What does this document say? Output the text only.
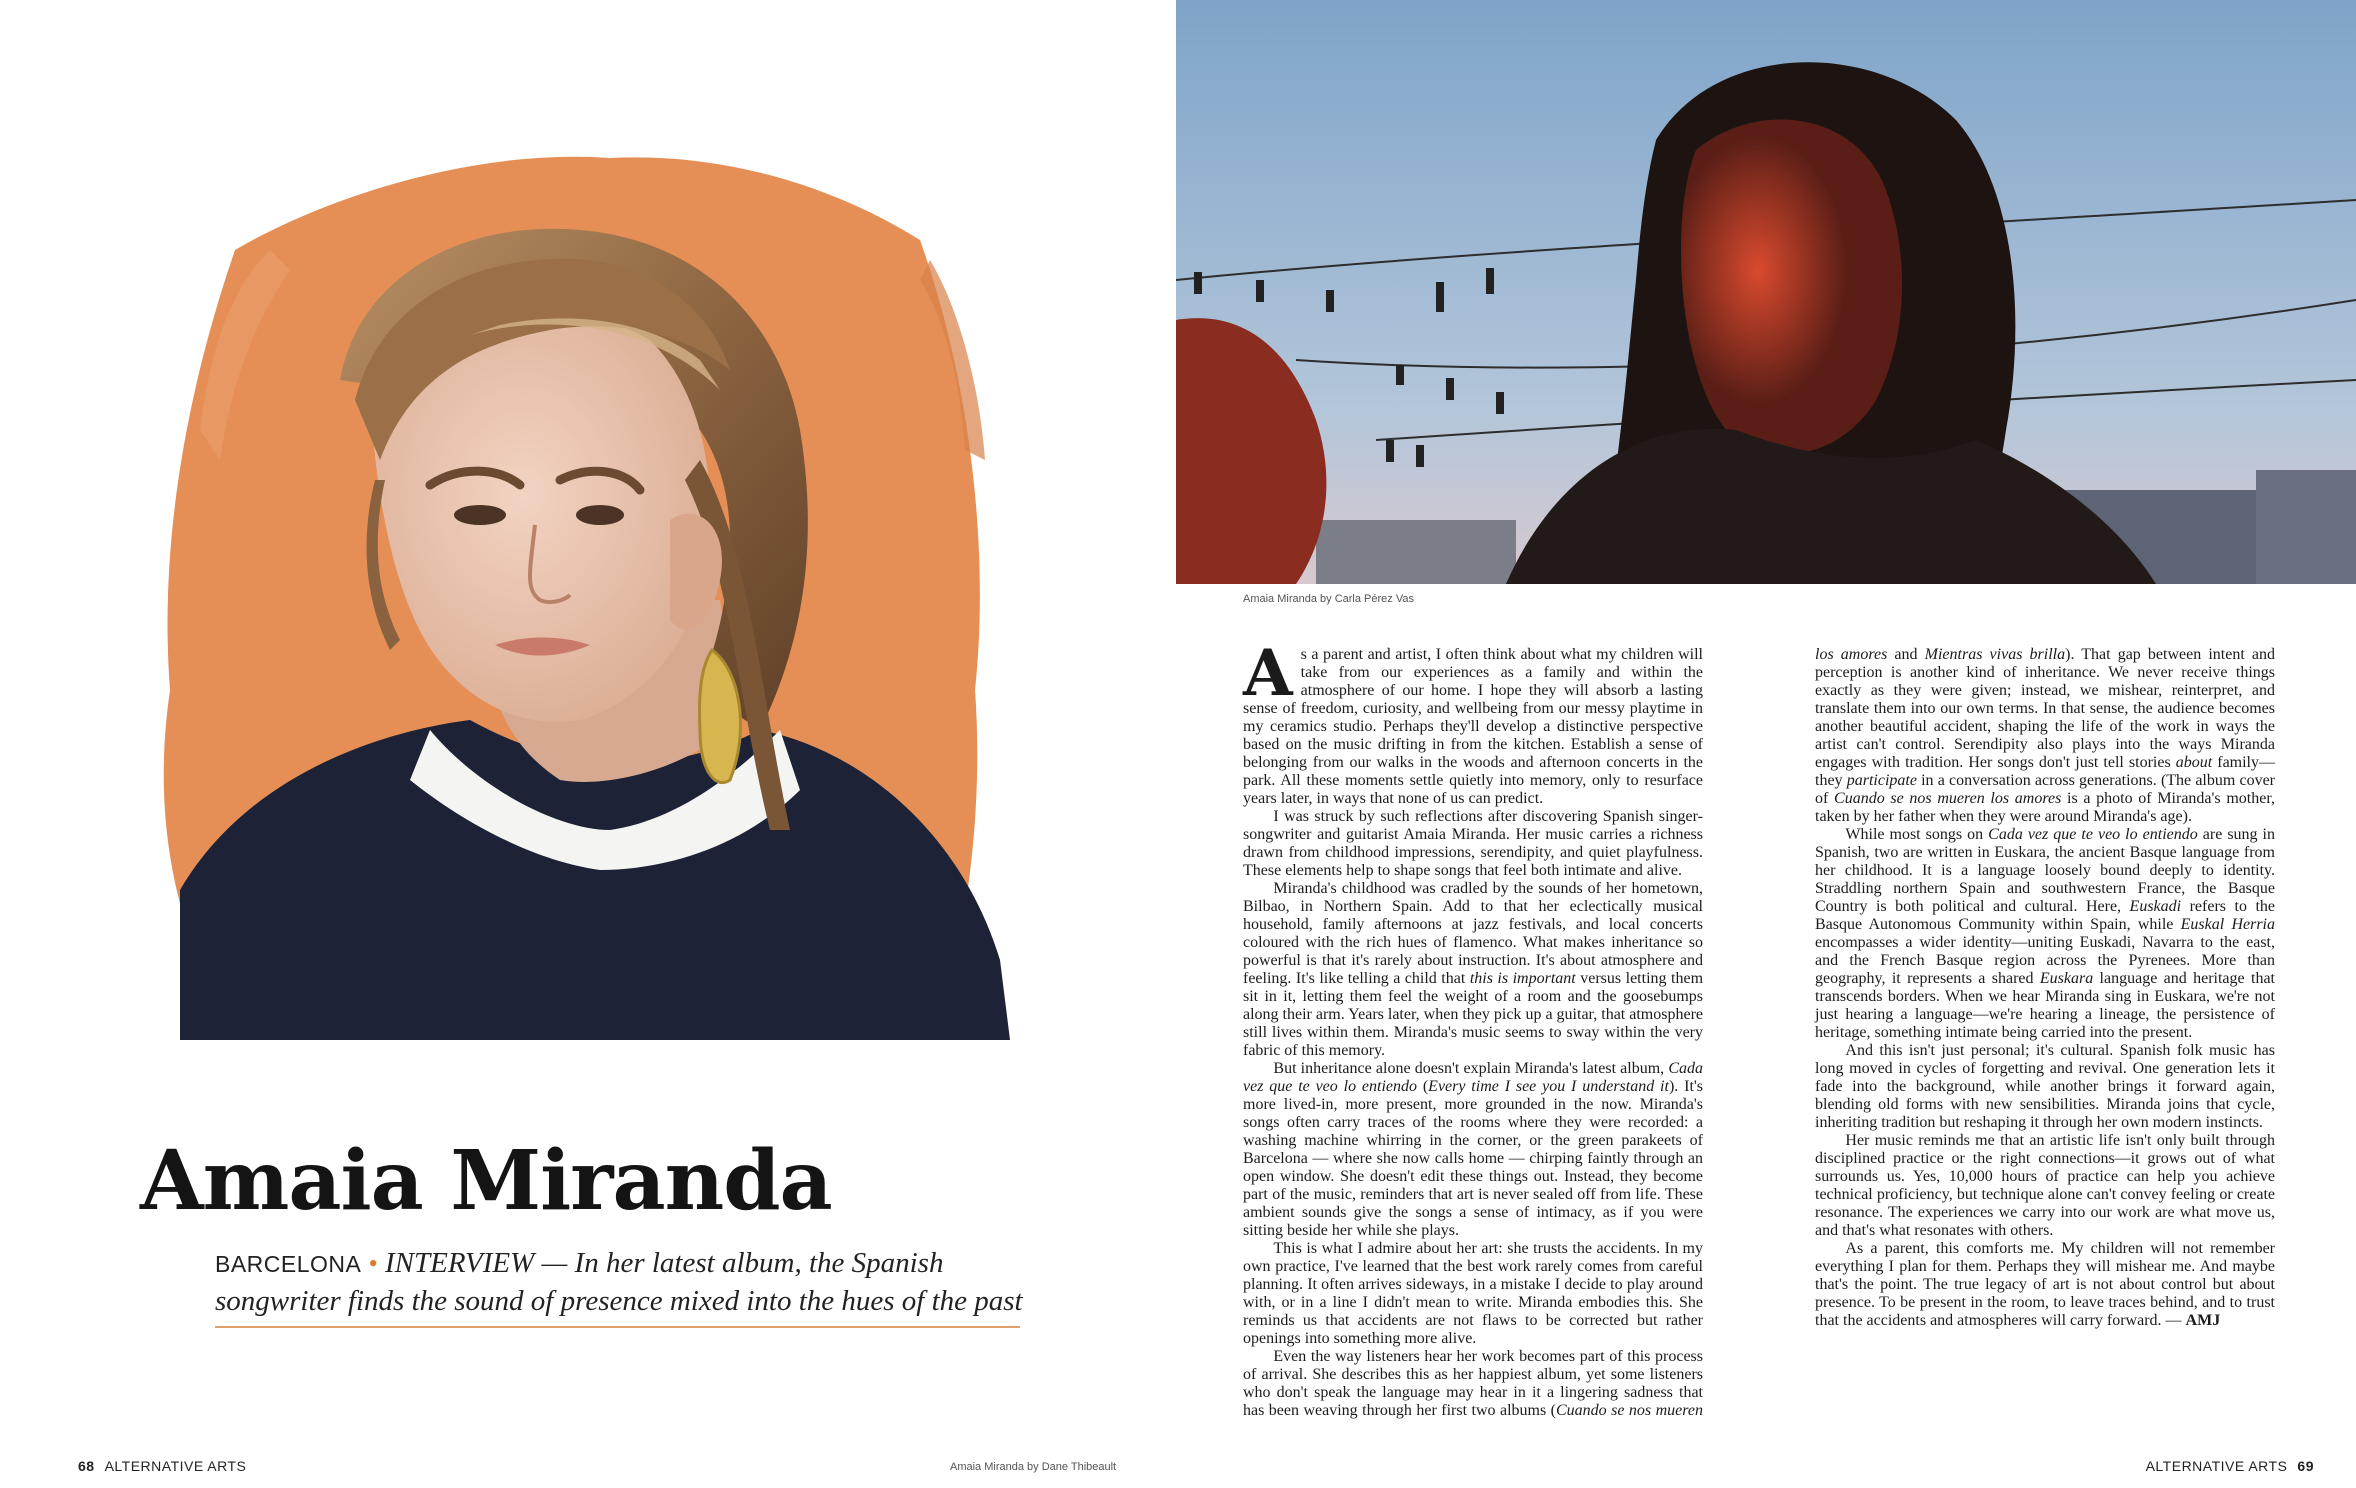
Amaia Miranda
BARCELONA • INTERVIEW — In her latest album, the Spanish songwriter finds the sound of presence mixed into the hues of the past
68 ALTERNATIVE ARTS	Amaia Miranda by Dane Thibeault
Amaia Miranda by Carla Pérez Vas

As a parent and artist, I often think about what my children will take from our experiences as a family and within the atmosphere of our home. I hope they will absorb a lasting sense of freedom, curiosity, and wellbeing from our messy playtime in my ceramics studio. Perhaps they'll develop a distinctive perspective based on the music drifting in from the kitchen. Establish a sense of belonging from our walks in the woods and afternoon concerts in the park. All these moments settle quietly into memory, only to resurface years later, in ways that none of us can predict.

I was struck by such reflections after discovering Spanish singer-songwriter and guitarist Amaia Miranda. Her music carries a richness drawn from childhood impressions, serendipity, and quiet playfulness. These elements help to shape songs that feel both intimate and alive.

Miranda's childhood was cradled by the sounds of her hometown, Bilbao, in Northern Spain. Add to that her eclectically musical household, family afternoons at jazz festivals, and local concerts coloured with the rich hues of flamenco. What makes inheritance so powerful is that it's rarely about instruction. It's about atmosphere and feeling. It's like telling a child that this is important versus letting them sit in it, letting them feel the weight of a room and the goosebumps along their arm. Years later, when they pick up a guitar, that atmosphere still lives within them. Miranda's music seems to sway within the very fabric of this memory.

But inheritance alone doesn't explain Miranda's latest album, Cada vez que te veo lo entiendo (Every time I see you I understand it). It's more lived-in, more present, more grounded in the now. Miranda's songs often carry traces of the rooms where they were recorded: a washing machine whirring in the corner, or the green parakeets of Barcelona — where she now calls home — chirping faintly through an open window. She doesn't edit these things out. Instead, they become part of the music, reminders that art is never sealed off from life. These ambient sounds give the songs a sense of intimacy, as if you were sitting beside her while she plays.

This is what I admire about her art: she trusts the accidents. In my own practice, I've learned that the best work rarely comes from careful planning. It often arrives sideways, in a mistake I decide to play around with, or in a line I didn't mean to write. Miranda embodies this. She reminds us that accidents are not flaws to be corrected but rather openings into something more alive.

Even the way listeners hear her work becomes part of this process of arrival. She describes this as her happiest album, yet some listeners who don't speak the language may hear in it a lingering sadness that has been weaving through her first two albums (Cuando se nos mueren los amores and Mientras vivas brilla). That gap between intent and perception is another kind of inheritance. We never receive things exactly as they were given; instead, we mishear, reinterpret, and translate them into our own terms. In that sense, the audience becomes another beautiful accident, shaping the life of the work in ways the artist can't control. Serendipity also plays into the ways Miranda engages with tradition. Her songs don't just tell stories about family—they participate in a conversation across generations. (The album cover of Cuando se nos mueren los amores is a photo of Miranda's mother, taken by her father when they were around Miranda's age).

While most songs on Cada vez que te veo lo entiendo are sung in Spanish, two are written in Euskara, the ancient Basque language from her childhood. It is a language loosely bound deeply to identity. Straddling northern Spain and southwestern France, the Basque Country is both political and cultural. Here, Euskadi refers to the Basque Autonomous Community within Spain, while Euskal Herria encompasses a wider identity—uniting Euskadi, Navarra to the east, and the French Basque region across the Pyrenees. More than geography, it represents a shared Euskara language and heritage that transcends borders. When we hear Miranda sing in Euskara, we're not just hearing a language—we're hearing a lineage, the persistence of heritage, something intimate being carried into the present.

And this isn't just personal; it's cultural. Spanish folk music has long moved in cycles of forgetting and revival. One generation lets it fade into the background, while another brings it forward again, blending old forms with new sensibilities. Miranda joins that cycle, inheriting tradition but reshaping it through her own modern instincts.

Her music reminds me that an artistic life isn't only built through disciplined practice or the right connections—it grows out of what surrounds us. Yes, 10,000 hours of practice can help you achieve technical proficiency, but technique alone can't convey feeling or create resonance. The experiences we carry into our work are what move us, and that's what resonates with others.

As a parent, this comforts me. My children will not remember everything I plan for them. Perhaps they will mishear me. And maybe that's the point. The true legacy of art is not about control but about presence. To be present in the room, to leave traces behind, and to trust that the accidents and atmospheres will carry forward. — AMJ

ALTERNATIVE ARTS 69
